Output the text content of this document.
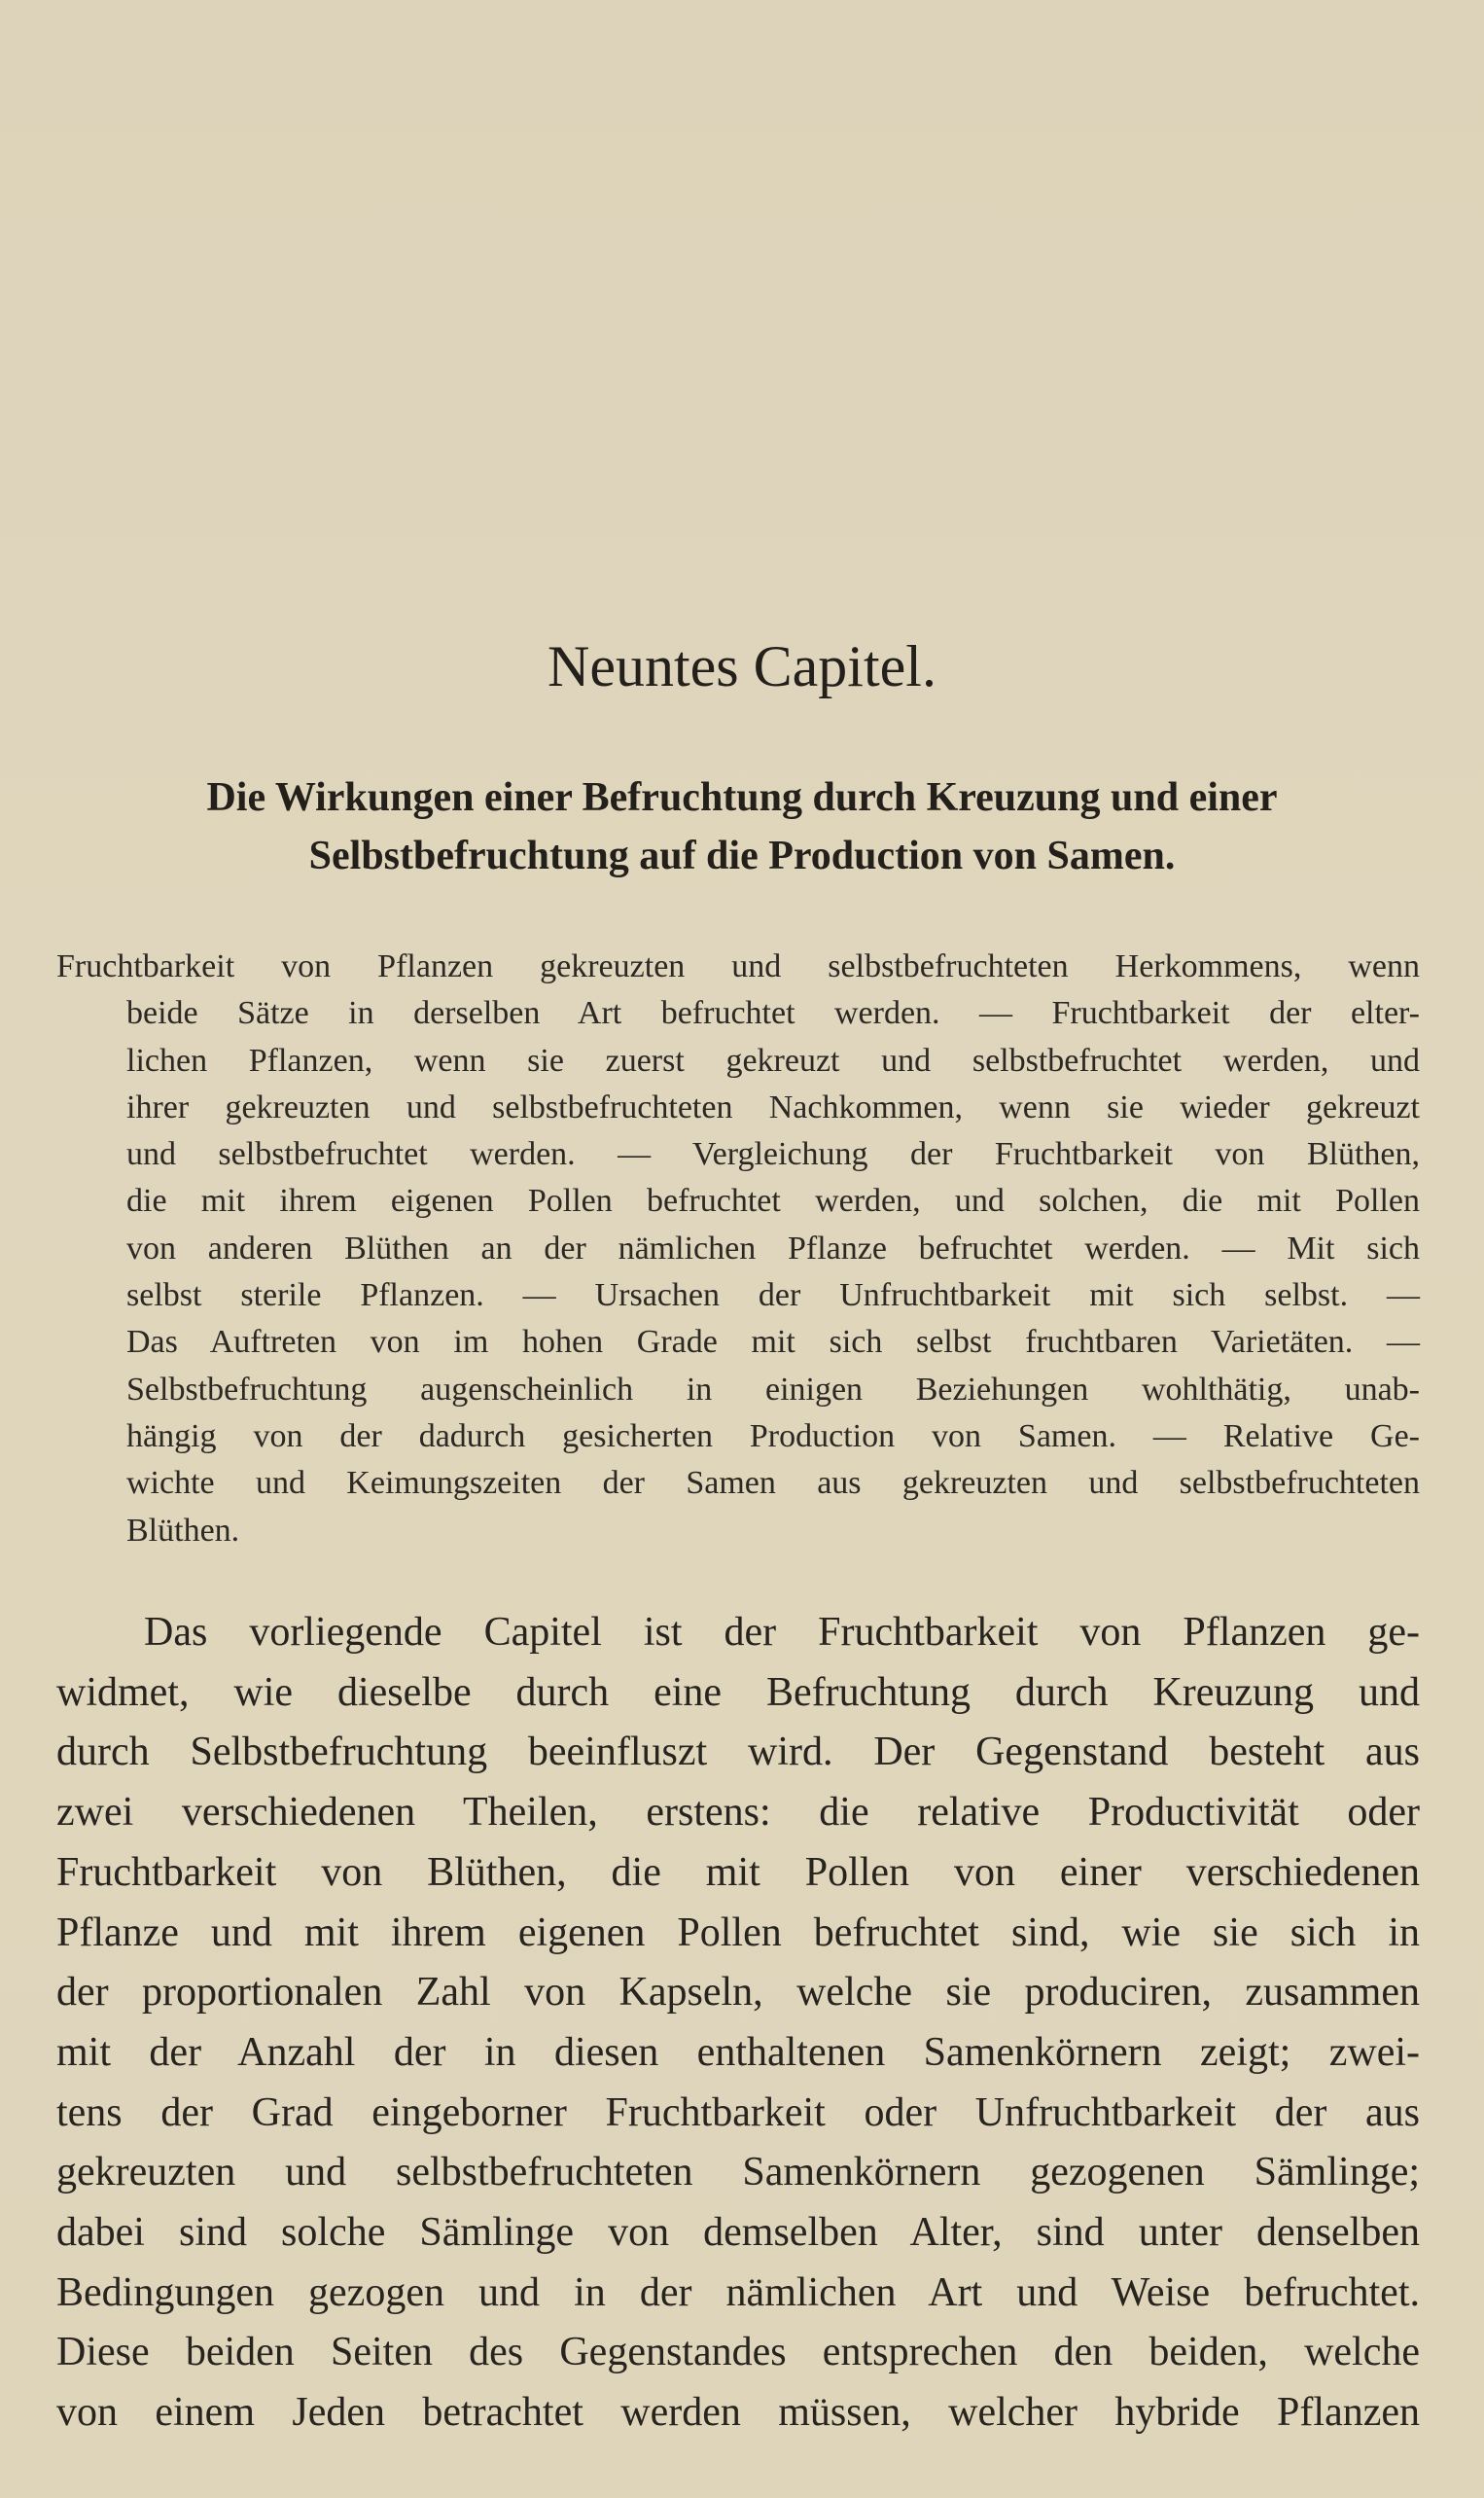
Neuntes Capitel.
Die Wirkungen einer Befruchtung durch Kreuzung und einer
Selbstbefruchtung auf die Production von Samen.
Fruchtbarkeit von Pflanzen gekreuzten und selbstbefruchteten Herkommens, wenn
beide Sätze in derselben Art befruchtet werden. — Fruchtbarkeit der elter-
lichen Pflanzen, wenn sie zuerst gekreuzt und selbstbefruchtet werden, und
ihrer gekreuzten und selbstbefruchteten Nachkommen, wenn sie wieder gekreuzt
und selbstbefruchtet werden. — Vergleichung der Fruchtbarkeit von Blüthen,
die mit ihrem eigenen Pollen befruchtet werden, und solchen, die mit Pollen
von anderen Blüthen an der nämlichen Pflanze befruchtet werden. — Mit sich
selbst sterile Pflanzen. — Ursachen der Unfruchtbarkeit mit sich selbst. —
Das Auftreten von im hohen Grade mit sich selbst fruchtbaren Varietäten. —
Selbstbefruchtung augenscheinlich in einigen Beziehungen wohlthätig, unab-
hängig von der dadurch gesicherten Production von Samen. — Relative Ge-
wichte und Keimungszeiten der Samen aus gekreuzten und selbstbefruchteten
Blüthen.
Das vorliegende Capitel ist der Fruchtbarkeit von Pflanzen ge-
widmet, wie dieselbe durch eine Befruchtung durch Kreuzung und
durch Selbstbefruchtung beeinfluszt wird. Der Gegenstand besteht aus
zwei verschiedenen Theilen, erstens: die relative Productivität oder
Fruchtbarkeit von Blüthen, die mit Pollen von einer verschiedenen
Pflanze und mit ihrem eigenen Pollen befruchtet sind, wie sie sich in
der proportionalen Zahl von Kapseln, welche sie produciren, zusammen
mit der Anzahl der in diesen enthaltenen Samenkörnern zeigt; zwei-
tens der Grad eingeborner Fruchtbarkeit oder Unfruchtbarkeit der aus
gekreuzten und selbstbefruchteten Samenkörnern gezogenen Sämlinge;
dabei sind solche Sämlinge von demselben Alter, sind unter denselben
Bedingungen gezogen und in der nämlichen Art und Weise befruchtet.
Diese beiden Seiten des Gegenstandes entsprechen den beiden, welche
von einem Jeden betrachtet werden müssen, welcher hybride Pflanzen
